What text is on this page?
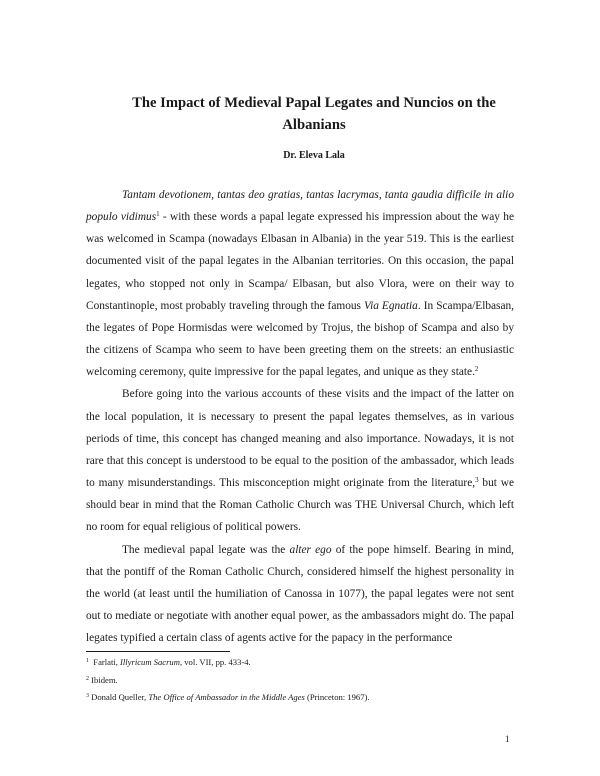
The Impact of Medieval Papal Legates and Nuncios on the
Albanians
Dr. Eleva Lala

Tantam devotionem, tantas deo gratias, tantas lacrymas, tanta gaudia difficile in alio populo vidimus$^1$ - with these words a papal legate expressed his impression about the way he was welcomed in Scampa (nowadays Elbasan in Albania) in the year 519. This is the earliest documented visit of the papal legates in the Albanian territories. On this occasion, the papal legates, who stopped not only in Scampa/ Elbasan, but also Vlora, were on their way to Constantinople, most probably traveling through the famous Via Egnatia. In Scampa/Elbasan, the legates of Pope Hormisdas were welcomed by Trojus, the bishop of Scampa and also by the citizens of Scampa who seem to have been greeting them on the streets: an enthusiastic welcoming ceremony, quite impressive for the papal legates, and unique as they state.$^2$

Before going into the various accounts of these visits and the impact of the latter on the local population, it is necessary to present the papal legates themselves, as in various periods of time, this concept has changed meaning and also importance. Nowadays, it is not rare that this concept is understood to be equal to the position of the ambassador, which leads to many misunderstandings. This misconception might originate from the literature,$^3$ but we should bear in mind that the Roman Catholic Church was THE Universal Church, which left no room for equal religious of political powers.

The medieval papal legate was the alter ego of the pope himself. Bearing in mind, that the pontiff of the Roman Catholic Church, considered himself the highest personality in the world (at least until the humiliation of Canossa in 1077), the papal legates were not sent out to mediate or negotiate with another equal power, as the ambassadors might do. The papal legates typified a certain class of agents active for the papacy in the performance

$^1$ Farlati, Illyricum Sacrum, vol. VII, pp. 433-4.
$^2$ Ibidem.
$^3$ Donald Queller, The Office of Ambassador in the Middle Ages (Princeton: 1967).
1
